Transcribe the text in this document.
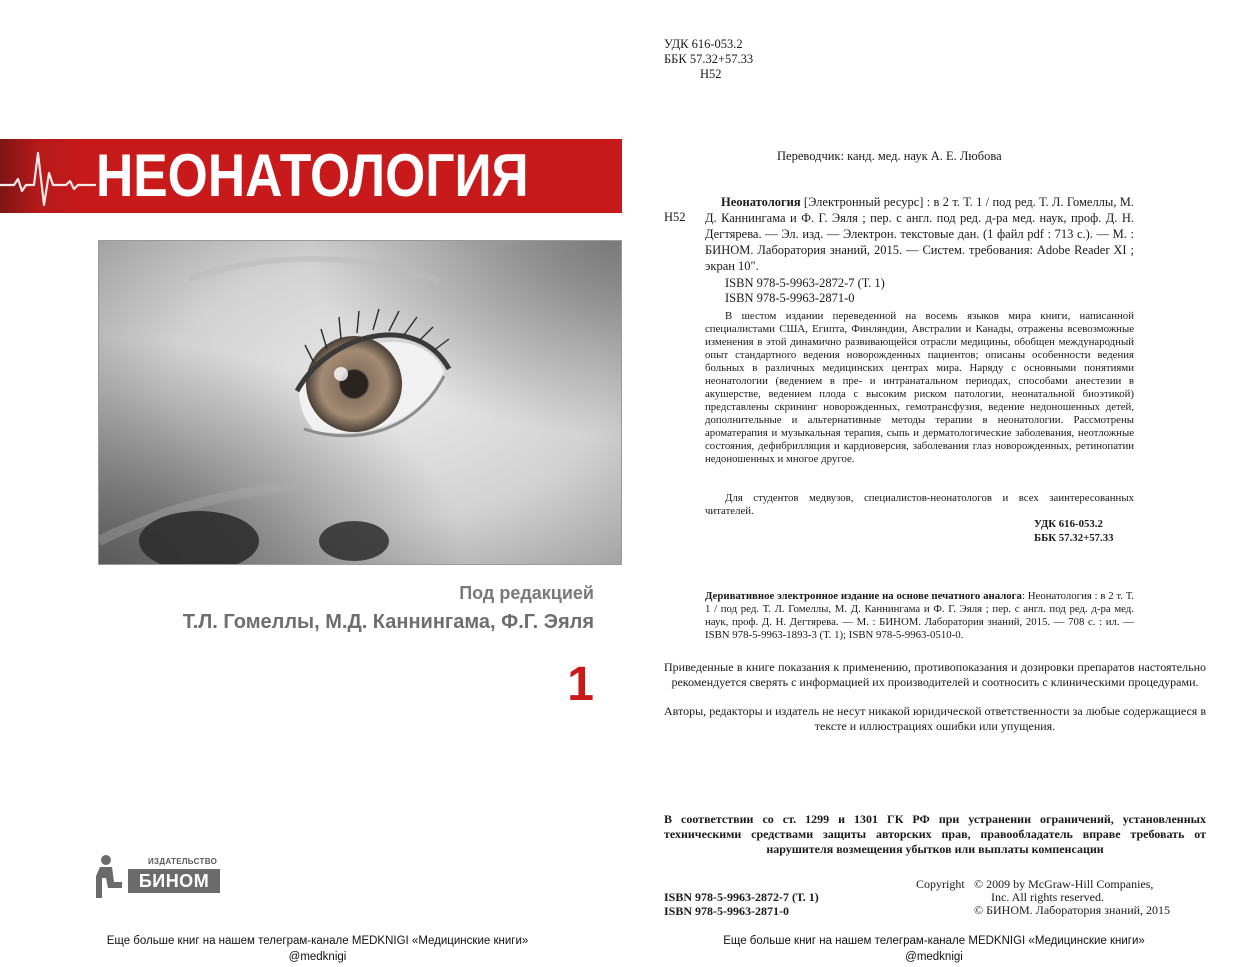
НЕОНАТОЛОГИЯ
Под редакцией
Т.Л. Гомеллы, М.Д. Каннингама, Ф.Г. Эяля
1
ИЗДАТЕЛЬСТВО
БИНОМ
Еще больше книг на нашем телеграм-канале MEDKNIGI «Медицинские книги»
@medknigi
УДК 616-053.2
ББК 57.32+57.33
Н52
Переводчик: канд. мед. наук А. Е. Любова
Н52
Неонатология [Электронный ресурс] : в 2 т. Т. 1 / под ред. Т. Л. Гомеллы, М. Д. Каннингама и Ф. Г. Эяля ; пер. с англ. под ред. д-ра мед. наук, проф. Д. Н. Дегтярева. — Эл. изд. — Электрон. текстовые дан. (1 файл pdf : 713 с.). — М. : БИНОМ. Лаборатория знаний, 2015. — Систем. требования: Adobe Reader XI ; экран 10".
ISBN 978-5-9963-2872-7 (Т. 1)
ISBN 978-5-9963-2871-0
В шестом издании переведенной на восемь языков мира книги, написанной специалистами США, Египта, Финляндии, Австралии и Канады, отражены всевозможные изменения в этой динамично развивающейся отрасли медицины, обобщен международный опыт стандартного ведения новорожденных пациентов; описаны особенности ведения больных в различных медицинских центрах мира. Наряду с основными понятиями неонатологии (ведением в пре- и интранатальном периодах, способами анестезии в акушерстве, ведением плода с высоким риском патологии, неонатальной биоэтикой) представлены скрининг новорожденных, гемотрансфузия, ведение недоношенных детей, дополнительные и альтернативные методы терапии в неонатологии. Рассмотрены ароматерапия и музыкальная терапия, сыпь и дерматологические заболевания, неотложные состояния, дефибрилляция и кардиоверсия, заболевания глаз новорожденных, ретинопатии недоношенных и многое другое.
Для студентов медвузов, специалистов-неонатологов и всех заинтересованных читателей.
УДК 616-053.2
ББК 57.32+57.33
Деривативное электронное издание на основе печатного аналога: Неонатология : в 2 т. Т. 1 / под ред. Т. Л. Гомеллы, М. Д. Каннингама и Ф. Г. Эяля ; пер. с англ. под ред. д-ра мед. наук, проф. Д. Н. Дегтярева. — М. : БИНОМ. Лаборатория знаний, 2015. — 708 с. : ил. — ISBN 978-5-9963-1893-3 (Т. 1); ISBN 978-5-9963-0510-0.
Приведенные в книге показания к применению, противопоказания и дозировки препаратов настоятельно рекомендуется сверять с информацией их производителей и соотносить с клиническими процедурами.
Авторы, редакторы и издатель не несут никакой юридической ответственности за любые содержащиеся в тексте и иллюстрациях ошибки или упущения.
В соответствии со ст. 1299 и 1301 ГК РФ при устранении ограничений, установленных техническими средствами защиты авторских прав, правообладатель вправе требовать от нарушителя возмещения убытков или выплаты компенсации
ISBN 978-5-9963-2872-7 (Т. 1)
ISBN 978-5-9963-2871-0
Copyright © 2009 by McGraw-Hill Companies,
Inc. All rights reserved.
© БИНОМ. Лаборатория знаний, 2015
Еще больше книг на нашем телеграм-канале MEDKNIGI «Медицинские книги»
@medknigi
